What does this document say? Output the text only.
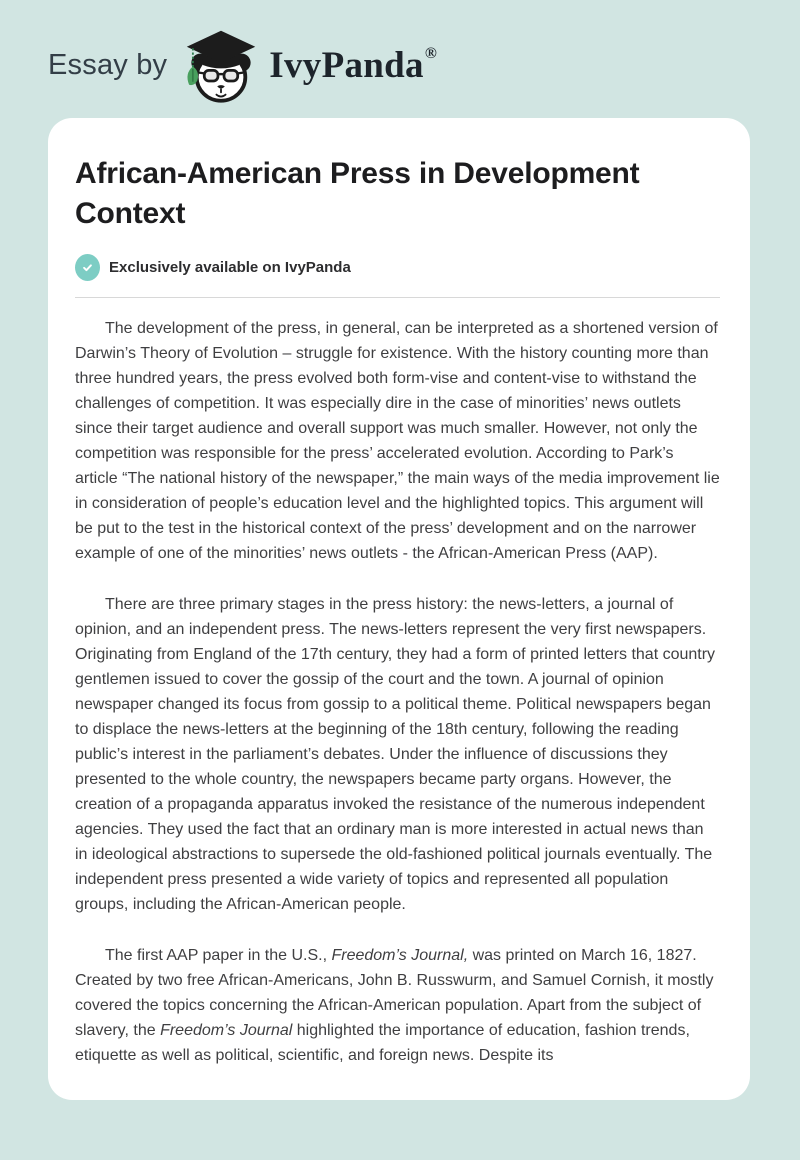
Essay by	IvyPanda ®
African-American Press in Development Context
Exclusively available on IvyPanda

The development of the press, in general, can be interpreted as a shortened version of Darwin’s Theory of Evolution – struggle for existence. With the history counting more than three hundred years, the press evolved both form-vise and content-vise to withstand the challenges of competition. It was especially dire in the case of minorities’ news outlets since their target audience and overall support was much smaller. However, not only the competition was responsible for the press’ accelerated evolution. According to Park’s article “The national history of the newspaper,” the main ways of the media improvement lie in consideration of people’s education level and the highlighted topics. This argument will be put to the test in the historical context of the press’ development and on the narrower example of one of the minorities’ news outlets - the African-American Press (AAP).

There are three primary stages in the press history: the news-letters, a journal of opinion, and an independent press. The news-letters represent the very first newspapers. Originating from England of the 17th century, they had a form of printed letters that country gentlemen issued to cover the gossip of the court and the town. A journal of opinion newspaper changed its focus from gossip to a political theme. Political newspapers began to displace the news-letters at the beginning of the 18th century, following the reading public’s interest in the parliament’s debates. Under the influence of discussions they presented to the whole country, the newspapers became party organs. However, the creation of a propaganda apparatus invoked the resistance of the numerous independent agencies. They used the fact that an ordinary man is more interested in actual news than in ideological abstractions to supersede the old-fashioned political journals eventually. The independent press presented a wide variety of topics and represented all population groups, including the African-American people.

The first AAP paper in the U.S., Freedom’s Journal, was printed on March 16, 1827. Created by two free African-Americans, John B. Russwurm, and Samuel Cornish, it mostly covered the topics concerning the African-American population. Apart from the subject of slavery, the Freedom’s Journal highlighted the importance of education, fashion trends, etiquette as well as political, scientific, and foreign news. Despite its
